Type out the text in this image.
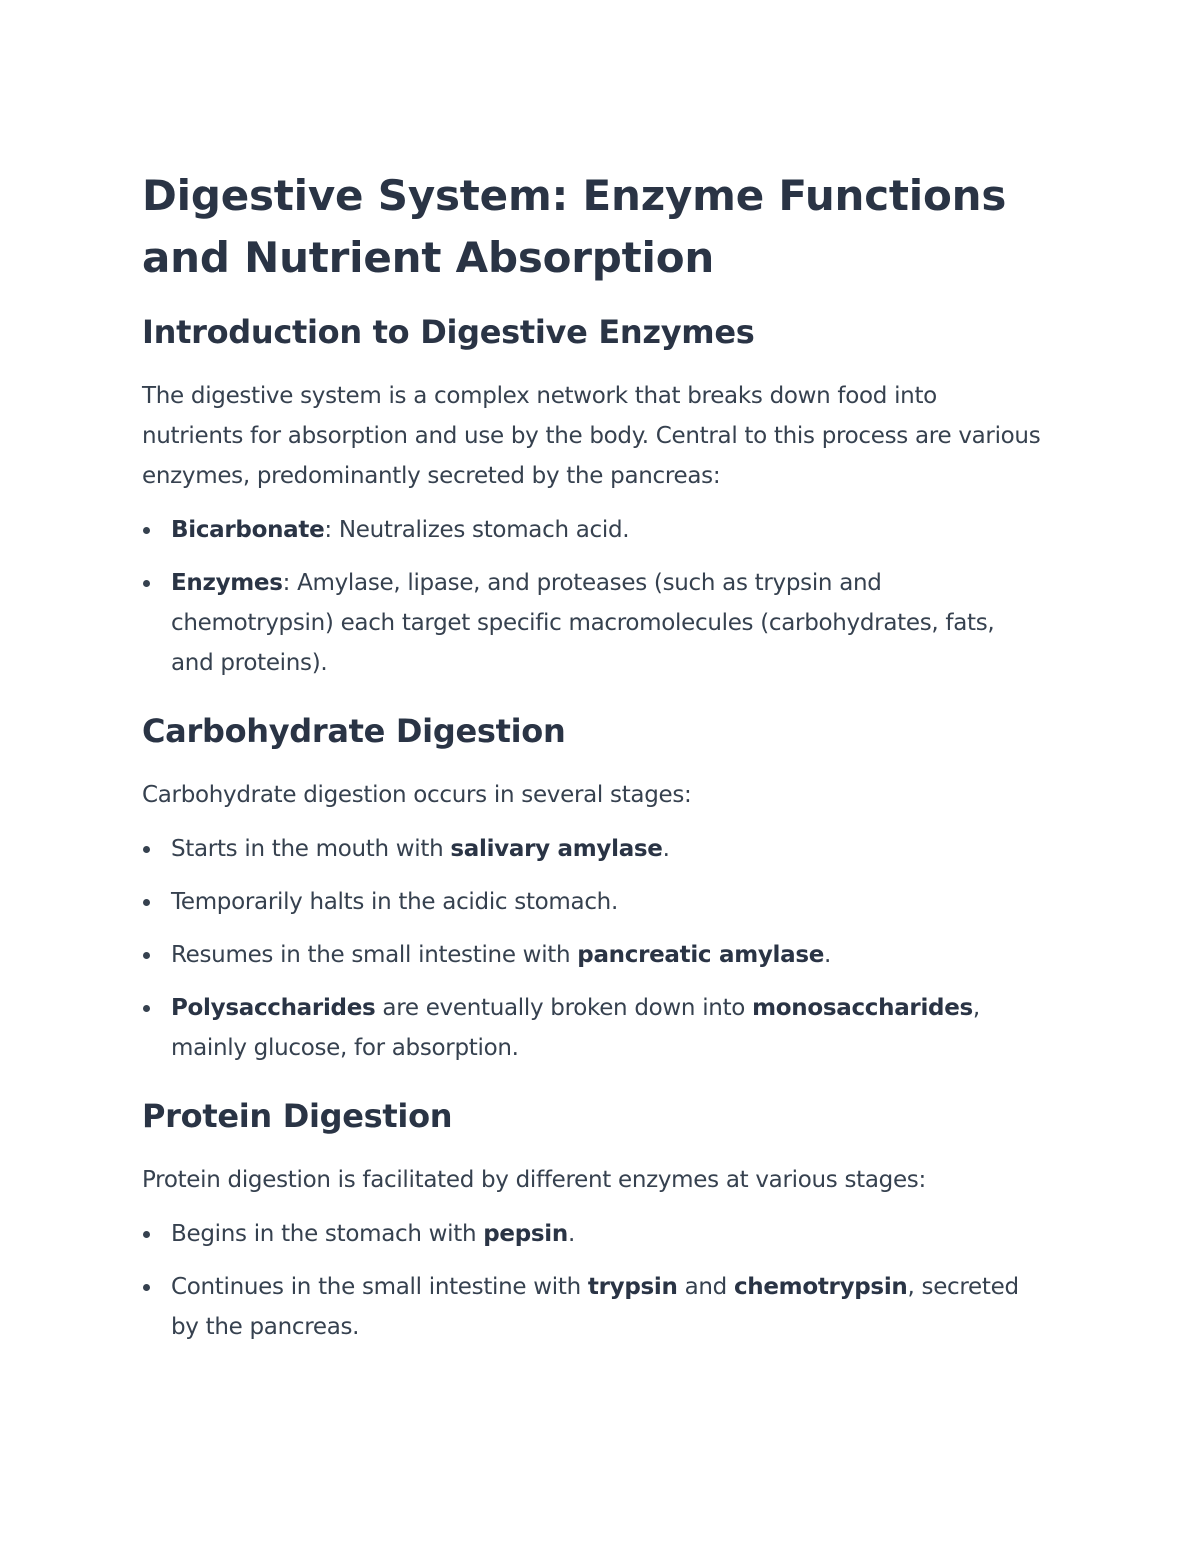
Digestive System: Enzyme Functions and Nutrient Absorption
Introduction to Digestive Enzymes

The digestive system is a complex network that breaks down food into nutrients for absorption and use by the body. Central to this process are various enzymes, predominantly secreted by the pancreas:

Bicarbonate: Neutralizes stomach acid.
Enzymes: Amylase, lipase, and proteases (such as trypsin and chemotrypsin) each target specific macromolecules (carbohydrates, fats, and proteins).
Carbohydrate Digestion

Carbohydrate digestion occurs in several stages:

Starts in the mouth with salivary amylase.
Temporarily halts in the acidic stomach.
Resumes in the small intestine with pancreatic amylase.
Polysaccharides are eventually broken down into monosaccharides, mainly glucose, for absorption.
Protein Digestion

Protein digestion is facilitated by different enzymes at various stages:

Begins in the stomach with pepsin.
Continues in the small intestine with trypsin and chemotrypsin, secreted by the pancreas.
